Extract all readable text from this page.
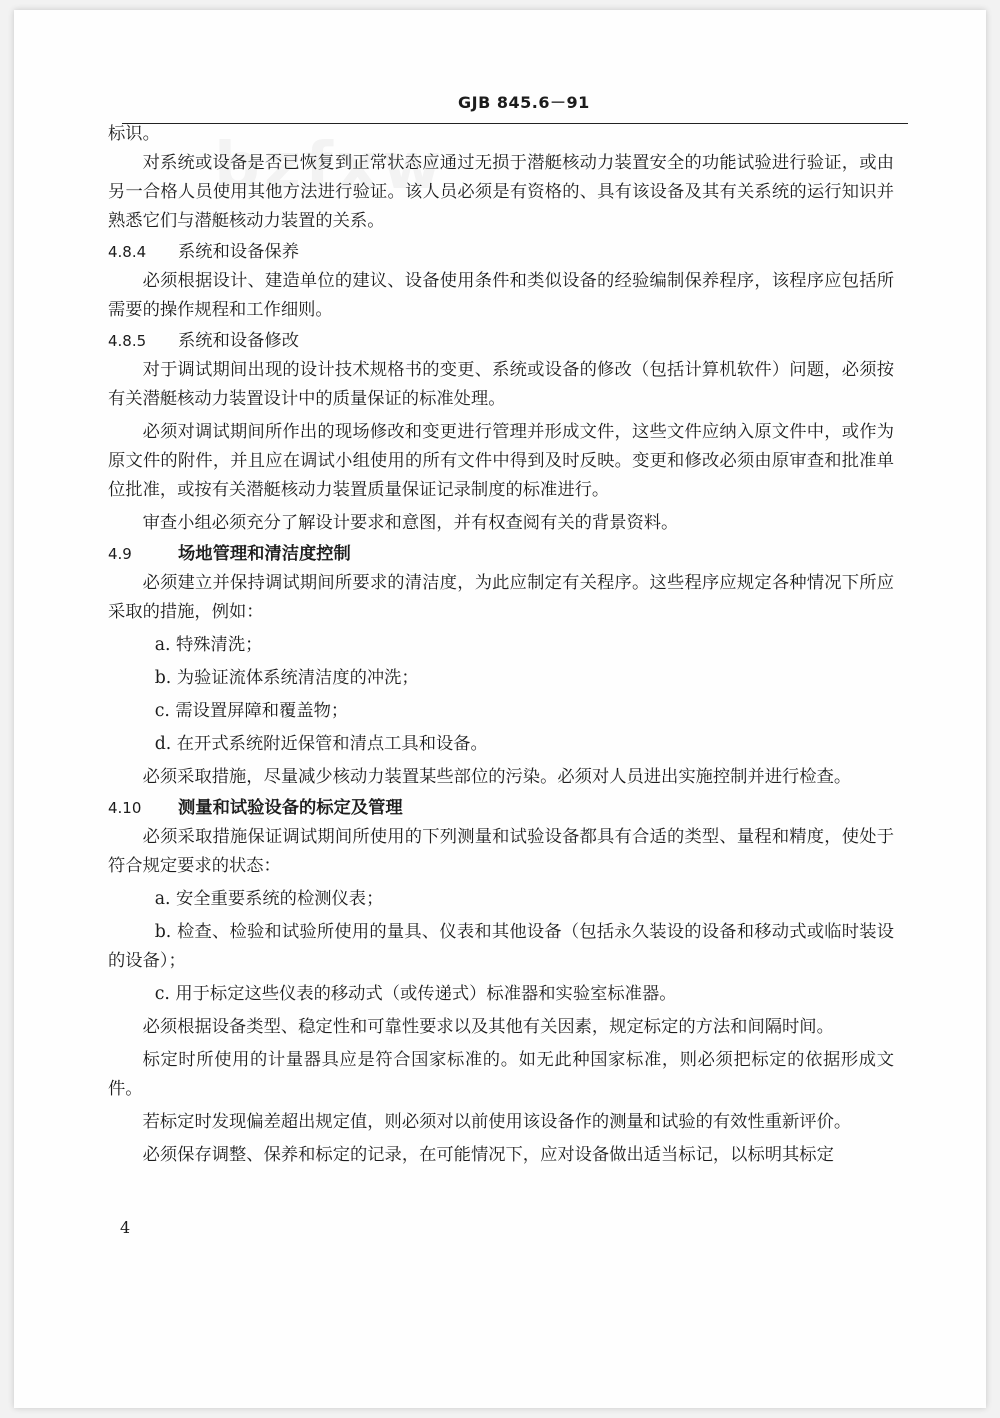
GJB 845.6－91

标识。

对系统或设备是否已恢复到正常状态应通过无损于潜艇核动力装置安全的功能试验进行验证，或由另一合格人员使用其他方法进行验证。该人员必须是有资格的、具有该设备及其有关系统的运行知识并熟悉它们与潜艇核动力装置的关系。

4.8.4 系统和设备保养

必须根据设计、建造单位的建议、设备使用条件和类似设备的经验编制保养程序，该程序应包括所需要的操作规程和工作细则。

4.8.5 系统和设备修改

对于调试期间出现的设计技术规格书的变更、系统或设备的修改（包括计算机软件）问题，必须按有关潜艇核动力装置设计中的质量保证的标准处理。

必须对调试期间所作出的现场修改和变更进行管理并形成文件，这些文件应纳入原文件中，或作为原文件的附件，并且应在调试小组使用的所有文件中得到及时反映。变更和修改必须由原审查和批准单位批准，或按有关潜艇核动力装置质量保证记录制度的标准进行。

审查小组必须充分了解设计要求和意图，并有权查阅有关的背景资料。

4.9	场地管理和清洁度控制

必须建立并保持调试期间所要求的清洁度，为此应制定有关程序。这些程序应规定各种情况下所应采取的措施，例如：

a. 特殊清洗；

b. 为验证流体系统清洁度的冲洗；

c. 需设置屏障和覆盖物；

d. 在开式系统附近保管和清点工具和设备。

必须采取措施，尽量减少核动力装置某些部位的污染。必须对人员进出实施控制并进行检查。

4.10 测量和试验设备的标定及管理

必须采取措施保证调试期间所使用的下列测量和试验设备都具有合适的类型、量程和精度，使处于符合规定要求的状态：

a. 安全重要系统的检测仪表；

b. 检查、检验和试验所使用的量具、仪表和其他设备（包括永久装设的设备和移动式或临时装设的设备）；

c. 用于标定这些仪表的移动式（或传递式）标准器和实验室标准器。

必须根据设备类型、稳定性和可靠性要求以及其他有关因素，规定标定的方法和间隔时间。

标定时所使用的计量器具应是符合国家标准的。如无此种国家标准，则必须把标定的依据形成文件。

若标定时发现偏差超出规定值，则必须对以前使用该设备作的测量和试验的有效性重新评价。

必须保存调整、保养和标定的记录，在可能情况下，应对设备做出适当标记，以标明其标定

4
